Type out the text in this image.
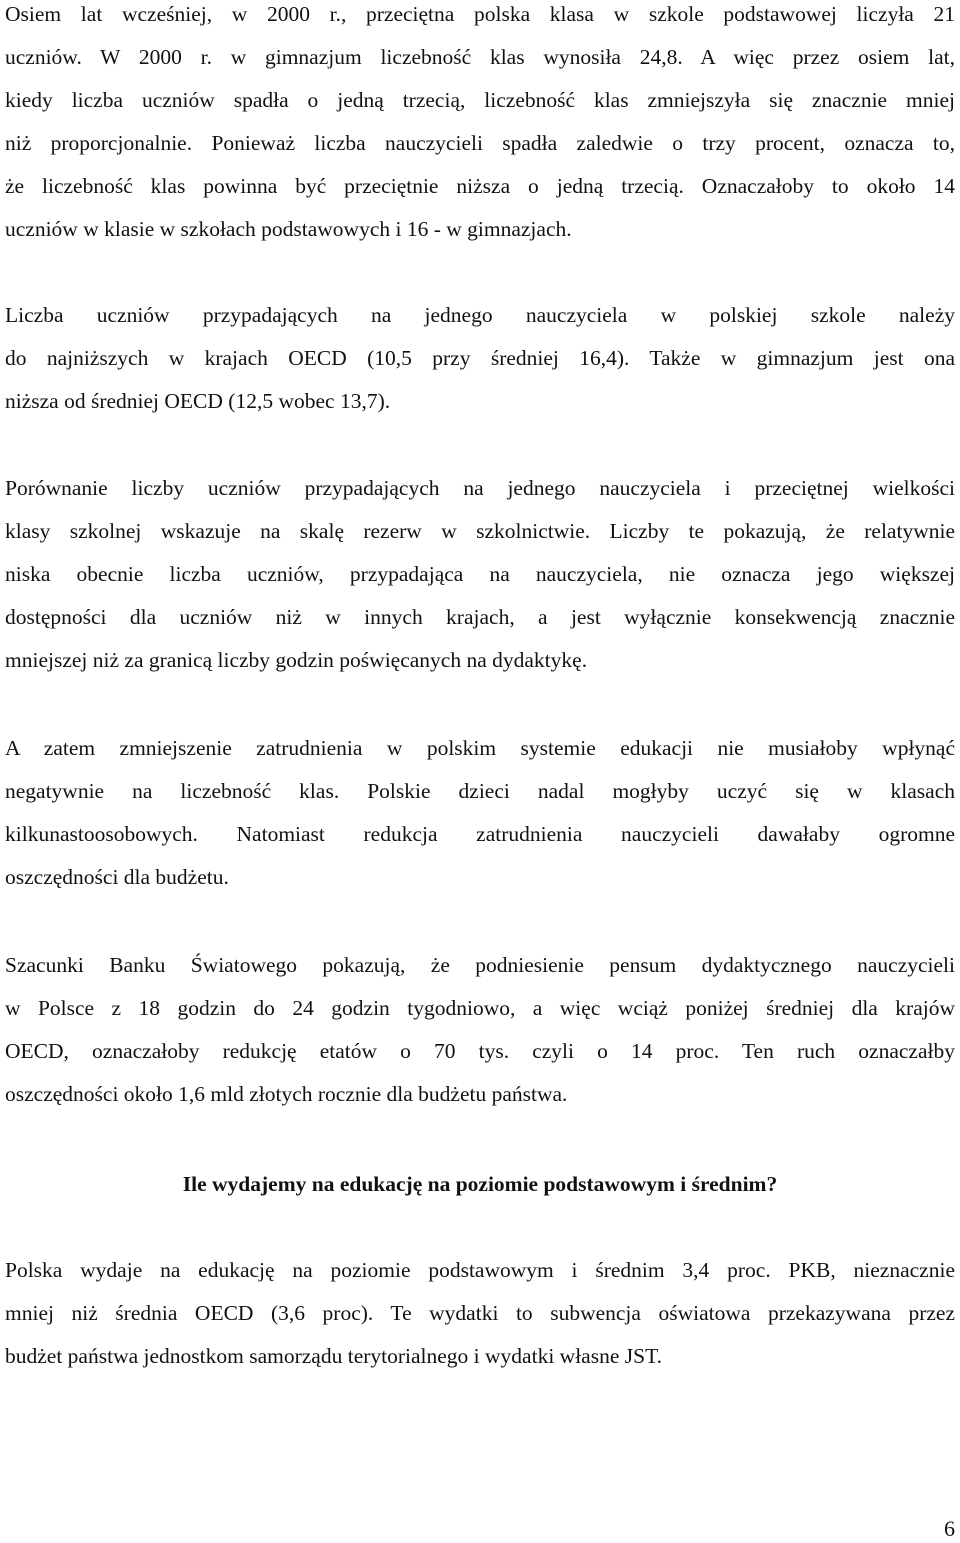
Osiem lat wcześniej, w 2000 r., przeciętna polska klasa w szkole podstawowej liczyła 21
uczniów. W 2000 r. w gimnazjum liczebność klas wynosiła 24,8. A więc przez osiem lat,
kiedy liczba uczniów spadła o jedną trzecią, liczebność klas zmniejszyła się znacznie mniej
niż proporcjonalnie. Ponieważ liczba nauczycieli spadła zaledwie o trzy procent, oznacza to,
że liczebność klas powinna być przeciętnie niższa o jedną trzecią. Oznaczałoby to około 14
uczniów w klasie w szkołach podstawowych i 16 - w gimnazjach.
Liczba uczniów przypadających na jednego nauczyciela w polskiej szkole należy
do najniższych w krajach OECD (10,5 przy średniej 16,4). Także w gimnazjum jest ona
niższa od średniej OECD (12,5 wobec 13,7).
Porównanie liczby uczniów przypadających na jednego nauczyciela i przeciętnej wielkości
klasy szkolnej wskazuje na skalę rezerw w szkolnictwie. Liczby te pokazują, że relatywnie
niska obecnie liczba uczniów, przypadająca na nauczyciela, nie oznacza jego większej
dostępności dla uczniów niż w innych krajach, a jest wyłącznie konsekwencją znacznie
mniejszej niż za granicą liczby godzin poświęcanych na dydaktykę.
A zatem zmniejszenie zatrudnienia w polskim systemie edukacji nie musiałoby wpłynąć
negatywnie na liczebność klas. Polskie dzieci nadal mogłyby uczyć się w klasach
kilkunastoosobowych. Natomiast redukcja zatrudnienia nauczycieli dawałaby ogromne
oszczędności dla budżetu.
Szacunki Banku Światowego pokazują, że podniesienie pensum dydaktycznego nauczycieli
w Polsce z 18 godzin do 24 godzin tygodniowo, a więc wciąż poniżej średniej dla krajów
OECD, oznaczałoby redukcję etatów o 70 tys. czyli o 14 proc. Ten ruch oznaczałby
oszczędności około 1,6 mld złotych rocznie dla budżetu państwa.
Ile wydajemy na edukację na poziomie podstawowym i średnim?
Polska wydaje na edukację na poziomie podstawowym i średnim 3,4 proc. PKB, nieznacznie
mniej niż średnia OECD (3,6 proc). Te wydatki to subwencja oświatowa przekazywana przez
budżet państwa jednostkom samorządu terytorialnego i wydatki własne JST.
6
